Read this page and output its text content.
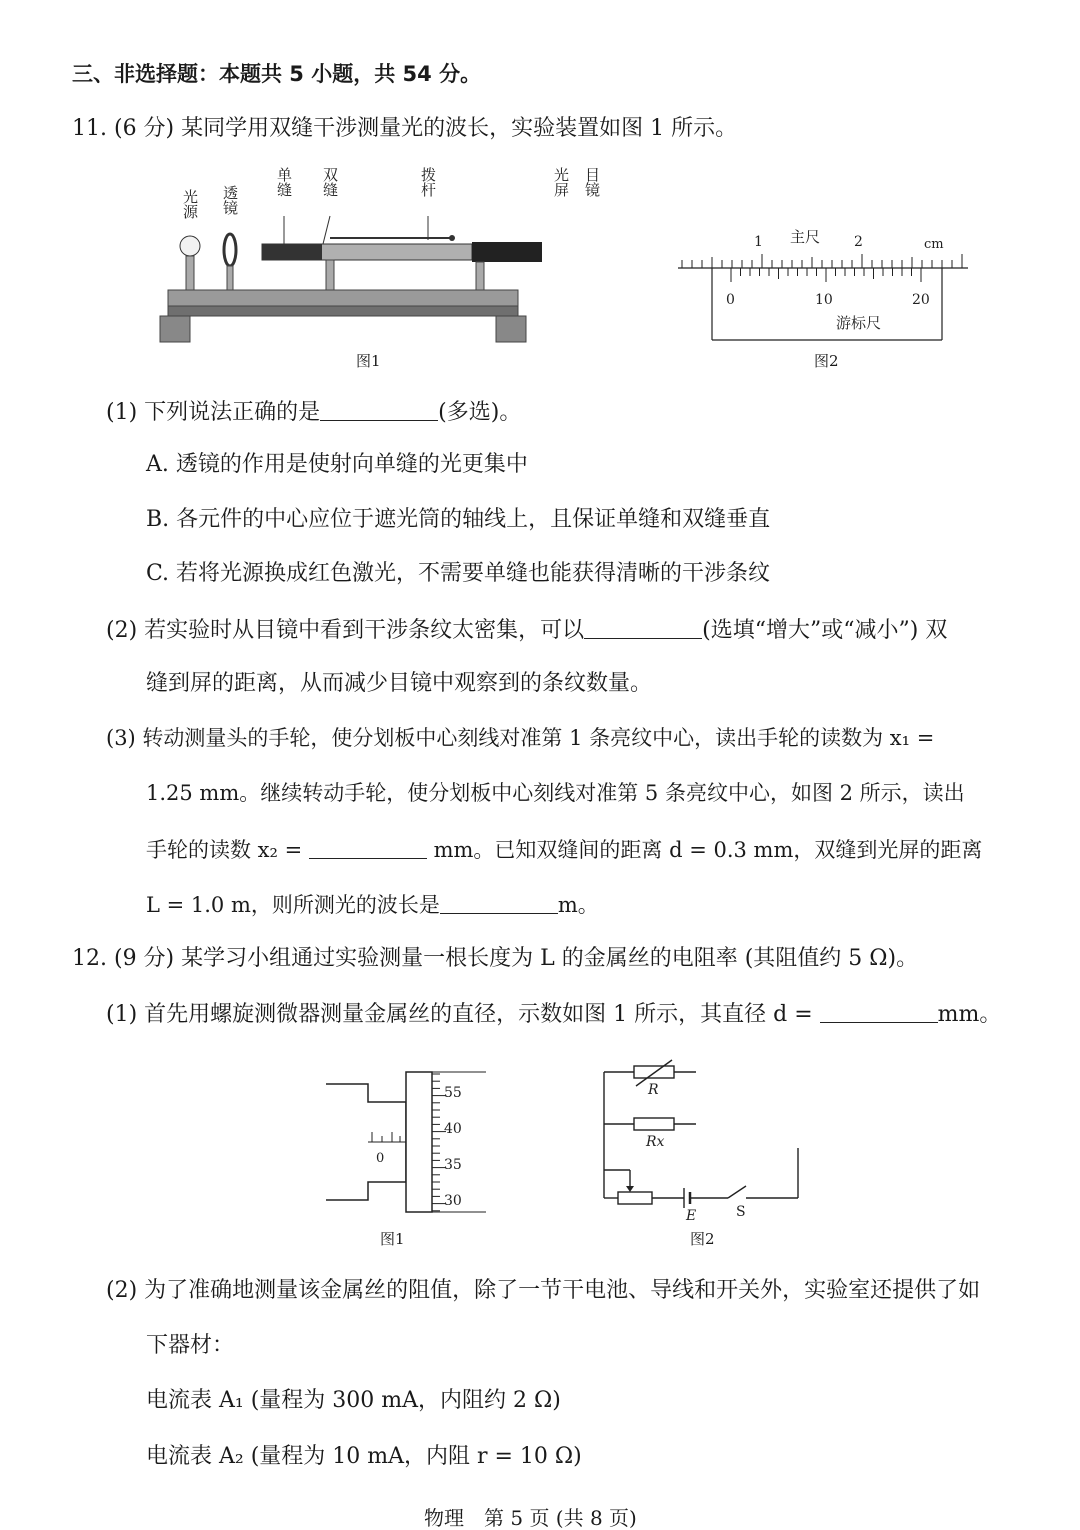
三、非选择题：本题共 5 小题，共 54 分。
11. (6 分) 某同学用双缝干涉测量光的波长，实验装置如图 1 所示。
光源 透镜
单缝 双缝	拨杆	光屏 目镜
图1
主尺	cm
1	2
0	10	20
游标尺
图2
(1) 下列说法正确的是	(多选)。
A. 透镜的作用是使射向单缝的光更集中
B. 各元件的中心应位于遮光筒的轴线上，且保证单缝和双缝垂直
C. 若将光源换成红色激光，不需要单缝也能获得清晰的干涉条纹
(2) 若实验时从目镜中看到干涉条纹太密集，可以	(选填“增大”或“减小”) 双
缝到屏的距离，从而减少目镜中观察到的条纹数量。
(3) 转动测量头的手轮，使分划板中心刻线对准第 1 条亮纹中心，读出手轮的读数为 x₁ =
1.25 mm。继续转动手轮，使分划板中心刻线对准第 5 条亮纹中心，如图 2 所示，读出
手轮的读数 x₂ =	mm。已知双缝间的距离 d = 0.3 mm，双缝到光屏的距离
L = 1.0 m，则所测光的波长是	m。
12. (9 分) 某学习小组通过实验测量一根长度为 L 的金属丝的电阻率 (其阻值约 5 Ω)。
(1) 首先用螺旋测微器测量金属丝的直径，示数如图 1 所示，其直径 d =	mm。
0
55
40
35
30
图1
R
Rx
E	S
图2
(2) 为了准确地测量该金属丝的阻值，除了一节干电池、导线和开关外，实验室还提供了如
下器材：
电流表 A₁ (量程为 300 mA，内阻约 2 Ω)
电流表 A₂ (量程为 10 mA，内阻 r = 10 Ω)
物理　第 5 页 (共 8 页)
